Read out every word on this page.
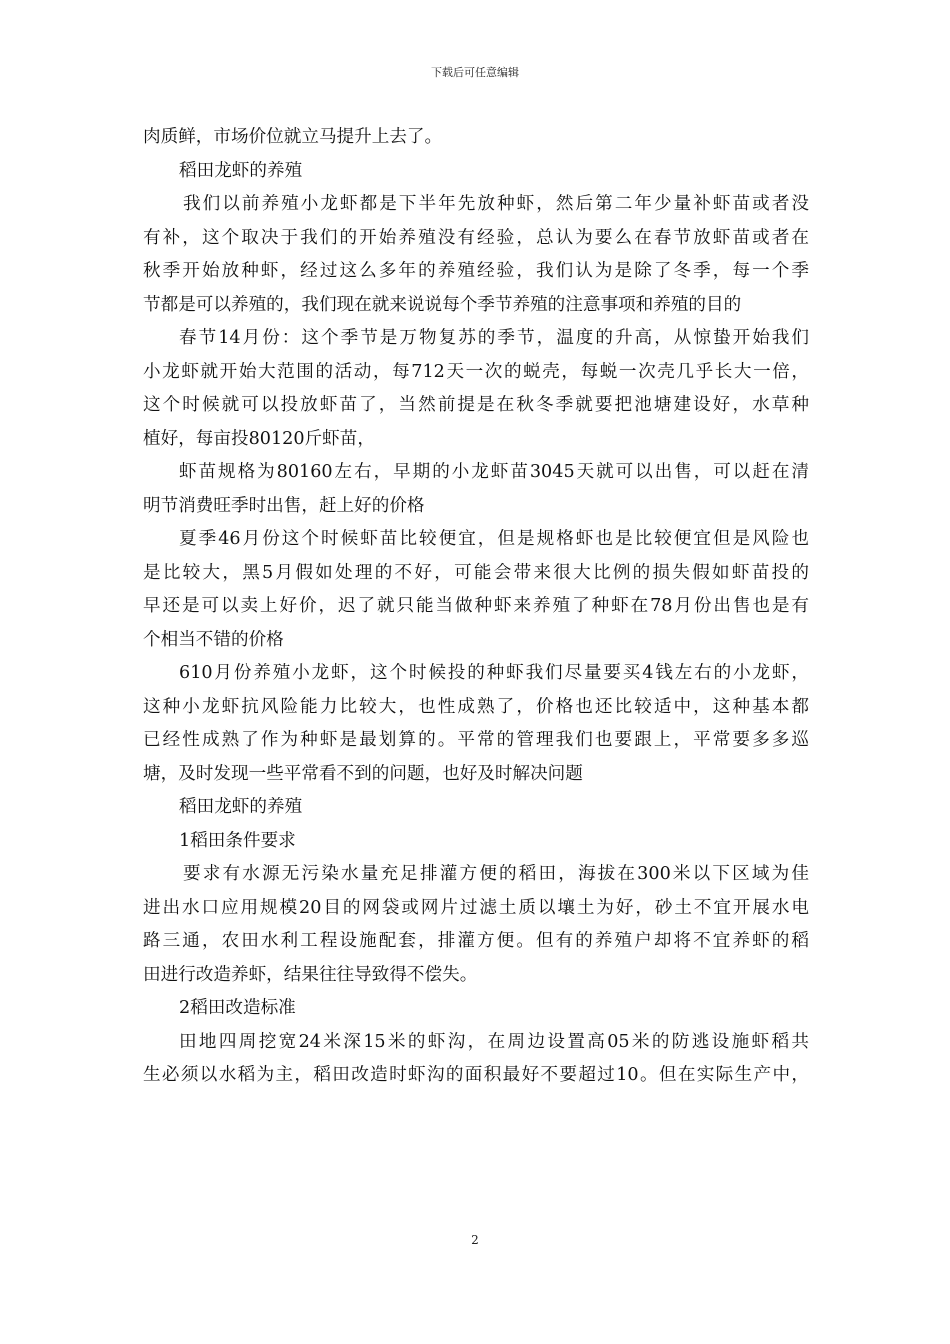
下载后可任意编辑
肉质鲜，市场价位就立马提升上去了。
稻田龙虾的养殖
我们以前养殖小龙虾都是下半年先放种虾，然后第二年少量补虾苗或者没
有补，这个取决于我们的开始养殖没有经验，总认为要么在春节放虾苗或者在
秋季开始放种虾，经过这么多年的养殖经验，我们认为是除了冬季，每一个季
节都是可以养殖的，我们现在就来说说每个季节养殖的注意事项和养殖的目的
春节14月份：这个季节是万物复苏的季节，温度的升高，从惊蛰开始我们
小龙虾就开始大范围的活动，每712天一次的蜕壳，每蜕一次壳几乎长大一倍，
这个时候就可以投放虾苗了，当然前提是在秋冬季就要把池塘建设好，水草种
植好，每亩投80120斤虾苗，
虾苗规格为80160左右，早期的小龙虾苗3045天就可以出售，可以赶在清
明节消费旺季时出售，赶上好的价格
夏季46月份这个时候虾苗比较便宜，但是规格虾也是比较便宜但是风险也
是比较大，黑5月假如处理的不好，可能会带来很大比例的损失假如虾苗投的
早还是可以卖上好价，迟了就只能当做种虾来养殖了种虾在78月份出售也是有
个相当不错的价格
610月份养殖小龙虾，这个时候投的种虾我们尽量要买4钱左右的小龙虾，
这种小龙虾抗风险能力比较大，也性成熟了，价格也还比较适中，这种基本都
已经性成熟了作为种虾是最划算的。平常的管理我们也要跟上，平常要多多巡
塘，及时发现一些平常看不到的问题，也好及时解决问题
稻田龙虾的养殖
1稻田条件要求
要求有水源无污染水量充足排灌方便的稻田，海拔在300米以下区域为佳
进出水口应用规模20目的网袋或网片过滤土质以壤土为好，砂土不宜开展水电
路三通，农田水利工程设施配套，排灌方便。但有的养殖户却将不宜养虾的稻
田进行改造养虾，结果往往导致得不偿失。
2稻田改造标准
田地四周挖宽24米深15米的虾沟，在周边设置高05米的防逃设施虾稻共
生必须以水稻为主，稻田改造时虾沟的面积最好不要超过10。但在实际生产中，
2
